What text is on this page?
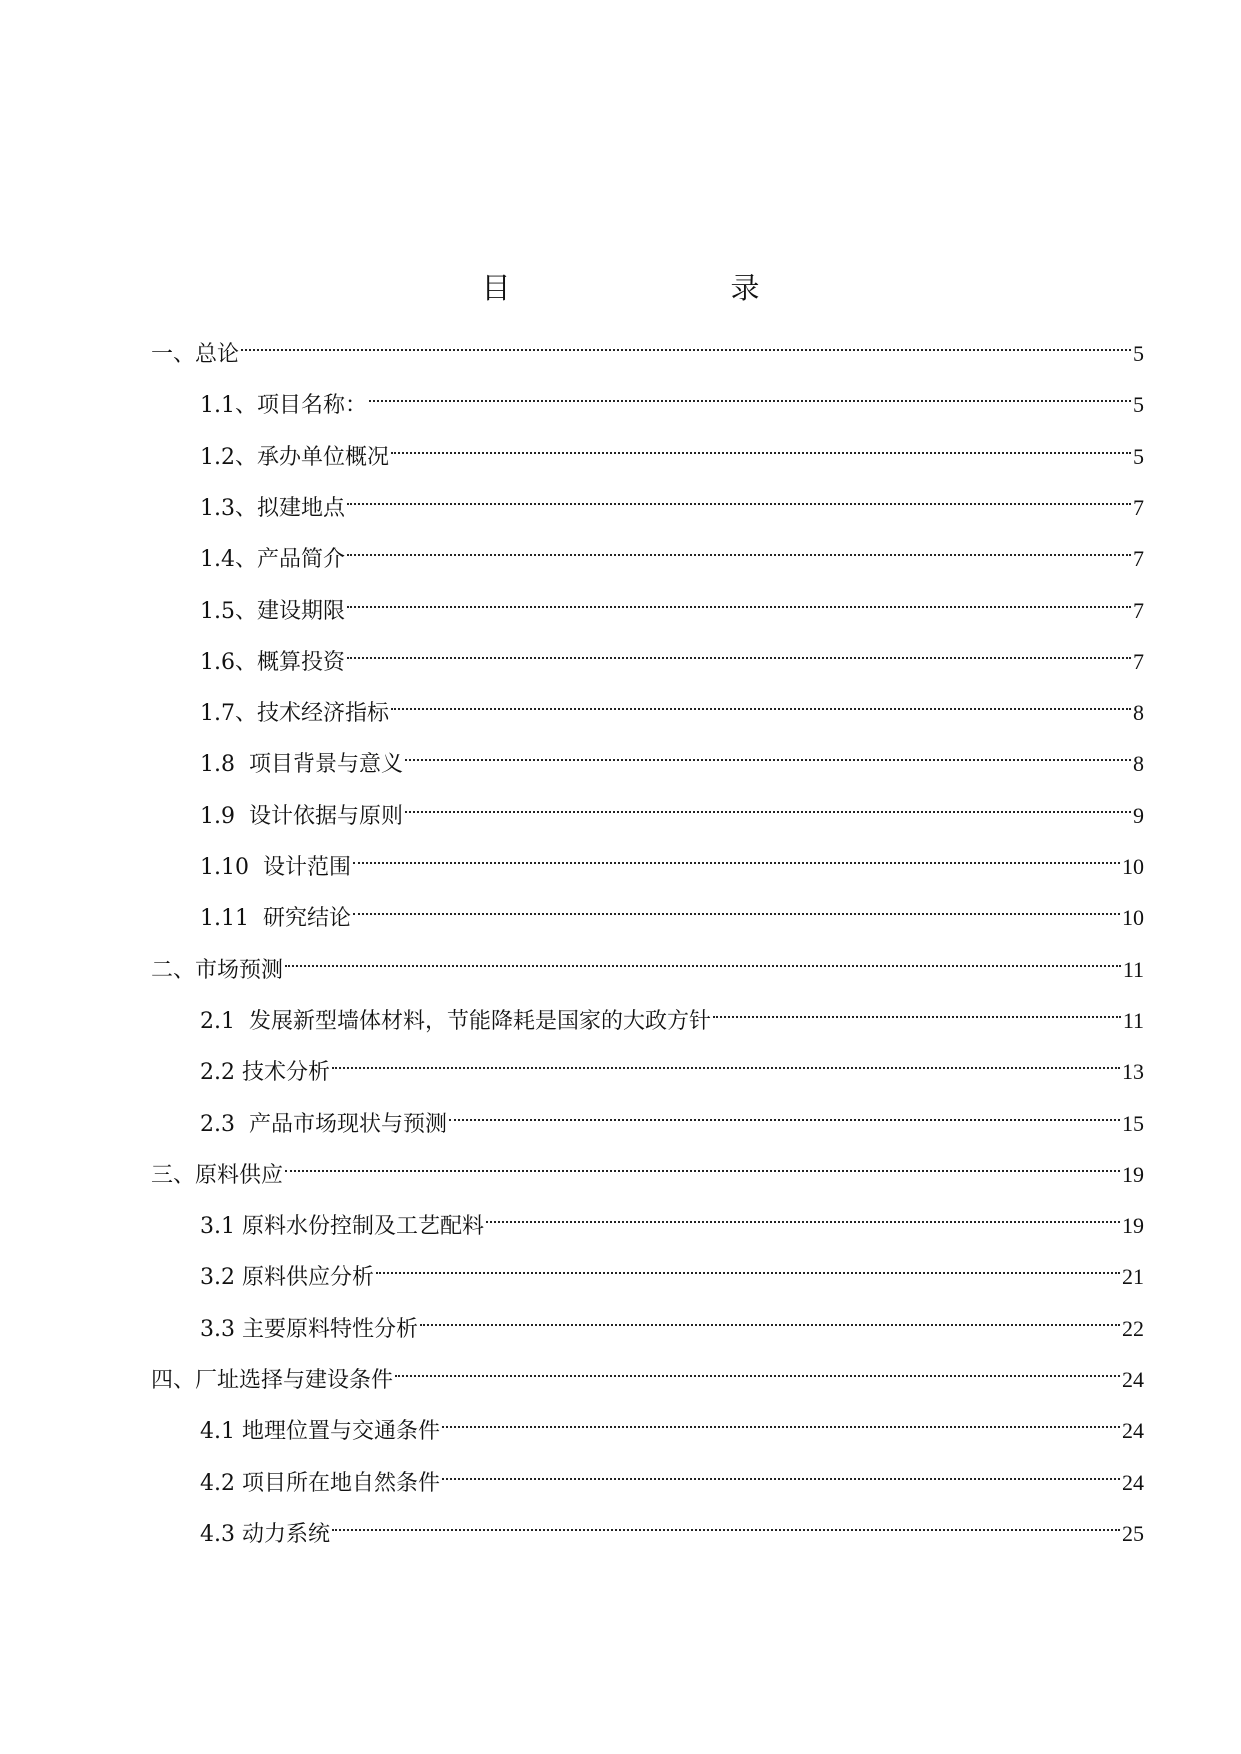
目　　录
一、总论	5
1.1、项目名称：	5
1.2、承办单位概况	5
1.3、拟建地点	7
1.4、产品简介	7
1.5、建设期限	7
1.6、概算投资	7
1.7、技术经济指标	8
1.8  项目背景与意义	8
1.9  设计依据与原则	9
1.10  设计范围	10
1.11  研究结论	10
二、市场预测	11
2.1  发展新型墙体材料，节能降耗是国家的大政方针	11
2.2 技术分析	13
2.3  产品市场现状与预测	15
三、原料供应	19
3.1 原料水份控制及工艺配料	19
3.2 原料供应分析	21
3.3 主要原料特性分析	22
四、厂址选择与建设条件	24
4.1 地理位置与交通条件	24
4.2 项目所在地自然条件	24
4.3 动力系统	25
